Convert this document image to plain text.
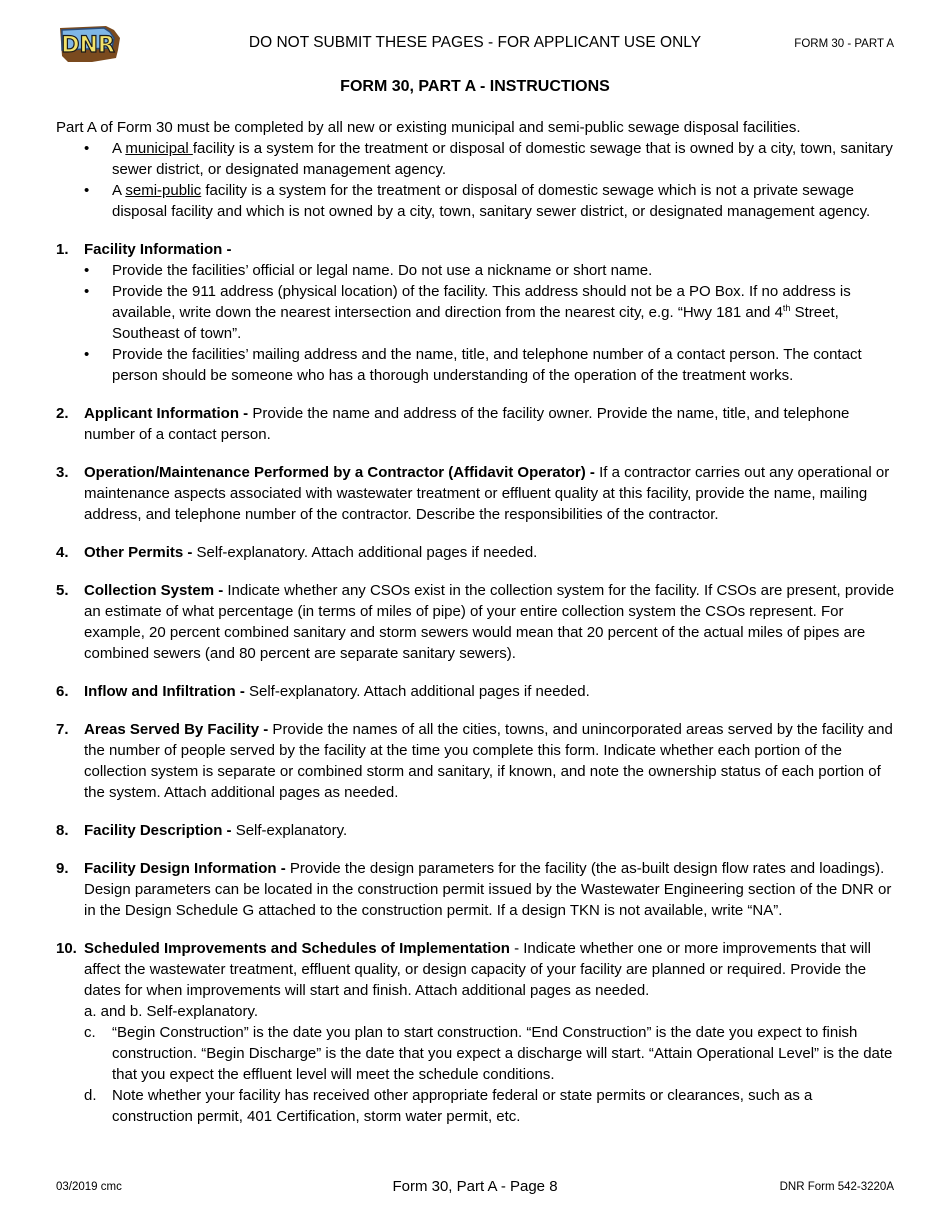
DNR	DO NOT SUBMIT THESE PAGES - FOR APPLICANT USE ONLY	FORM 30 - PART A
FORM 30, PART A - INSTRUCTIONS

Part A of Form 30 must be completed by all new or existing municipal and semi-public sewage disposal facilities.

• A municipal facility is a system for the treatment or disposal of domestic sewage that is owned by a city, town, sanitary sewer district, or designated management agency.
• A semi-public facility is a system for the treatment or disposal of domestic sewage which is not a private sewage disposal facility and which is not owned by a city, town, sanitary sewer district, or designated management agency.
1. Facility Information -
• Provide the facilities’ official or legal name. Do not use a nickname or short name.
• Provide the 911 address (physical location) of the facility. This address should not be a PO Box. If no address is available, write down the nearest intersection and direction from the nearest city, e.g. “Hwy 181 and 4th Street, Southeast of town”.
• Provide the facilities’ mailing address and the name, title, and telephone number of a contact person. The contact person should be someone who has a thorough understanding of the operation of the treatment works.
2. Applicant Information - Provide the name and address of the facility owner. Provide the name, title, and telephone number of a contact person.
3. Operation/Maintenance Performed by a Contractor (Affidavit Operator) - If a contractor carries out any operational or maintenance aspects associated with wastewater treatment or effluent quality at this facility, provide the name, mailing address, and telephone number of the contractor. Describe the responsibilities of the contractor.
4. Other Permits - Self-explanatory. Attach additional pages if needed.
5. Collection System - Indicate whether any CSOs exist in the collection system for the facility. If CSOs are present, provide an estimate of what percentage (in terms of miles of pipe) of your entire collection system the CSOs represent. For example, 20 percent combined sanitary and storm sewers would mean that 20 percent of the actual miles of pipes are combined sewers (and 80 percent are separate sanitary sewers).
6. Inflow and Infiltration - Self-explanatory. Attach additional pages if needed.
7. Areas Served By Facility - Provide the names of all the cities, towns, and unincorporated areas served by the facility and the number of people served by the facility at the time you complete this form. Indicate whether each portion of the collection system is separate or combined storm and sanitary, if known, and note the ownership status of each portion of the system. Attach additional pages as needed.
8. Facility Description - Self-explanatory.
9. Facility Design Information - Provide the design parameters for the facility (the as-built design flow rates and loadings). Design parameters can be located in the construction permit issued by the Wastewater Engineering section of the DNR or in the Design Schedule G attached to the construction permit. If a design TKN is not available, write “NA”.
10. Scheduled Improvements and Schedules of Implementation - Indicate whether one or more improvements that will affect the wastewater treatment, effluent quality, or design capacity of your facility are planned or required. Provide the dates for when improvements will start and finish. Attach additional pages as needed.
a. and b. Self-explanatory.
c. “Begin Construction” is the date you plan to start construction. “End Construction” is the date you expect to finish construction. “Begin Discharge” is the date that you expect a discharge will start. “Attain Operational Level” is the date that you expect the effluent level will meet the schedule conditions.
d. Note whether your facility has received other appropriate federal or state permits or clearances, such as a construction permit, 401 Certification, storm water permit, etc.
03/2019 cmc	Form 30, Part A - Page 8	DNR Form 542-3220A
